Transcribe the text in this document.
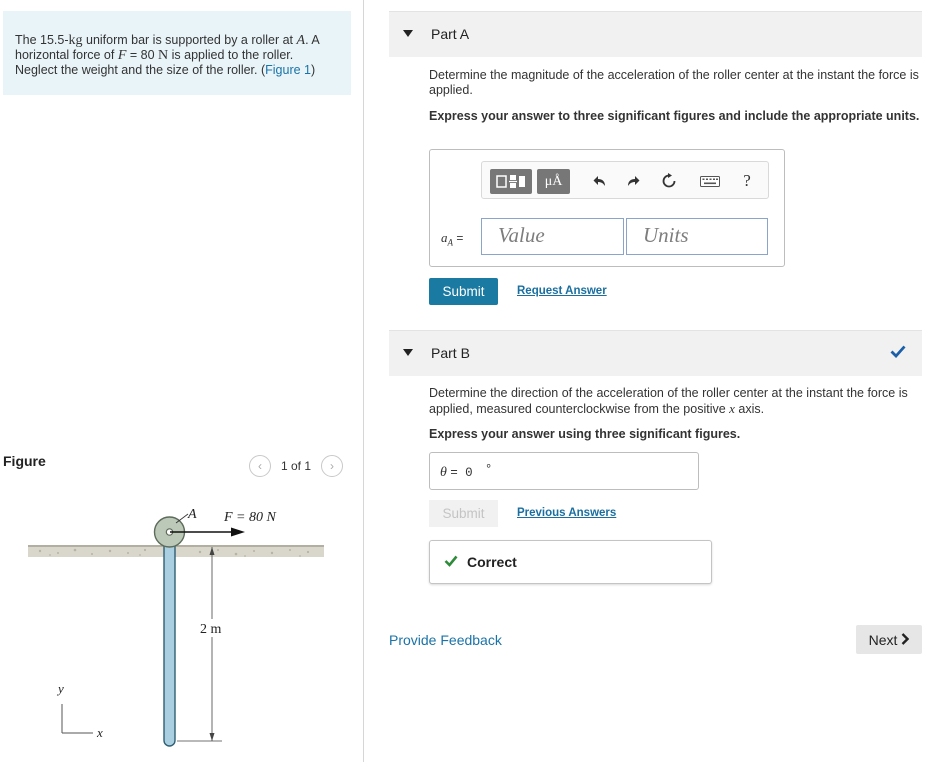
The 15.5-kg uniform bar is supported by a roller at A. A horizontal force of F = 80 N is applied to the roller. Neglect the weight and the size of the roller. (Figure 1)
Figure	‹ 1 of 1 ›
A F = 80 N
2 m
y
x
Part A
Determine the magnitude of the acceleration of the roller center at the instant the force is applied.
Express your answer to three significant figures and include the appropriate units.
μÅ	?
$a_A$ =	Value	Units
Submit	Request Answer
Part B
Determine the direction of the acceleration of the roller center at the instant the force is applied, measured counterclockwise from the positive x axis.
Express your answer using three significant figures.
θ = 0 °
Submit	Previous Answers
Correct
Provide Feedback	Next
